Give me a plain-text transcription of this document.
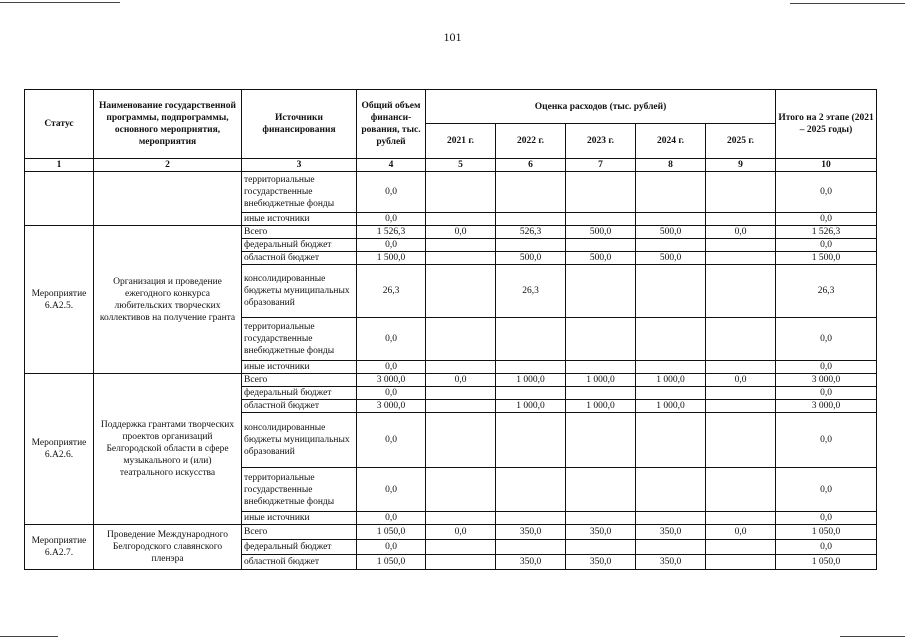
101
Статус	Наименование государственной программы, подпрограммы, основного мероприятия, мероприятия	Источники финансирования	Общий объем финанси-рования, тыс. рублей	Оценка расходов (тыс. рублей)					Итого на 2 этапе (2021 – 2025 годы)
				2021 г.	2022 г.	2023 г.	2024 г.	2025 г.	
1	2	3	4	5	6	7	8	9	10
		территориальные государственные внебюджетные фонды	0,0						0,0
		иные источники	0,0						0,0
Мероприятие 6.А2.5.	Организация и проведение ежегодного конкурса любительских творческих коллективов на получение гранта	Всего	1 526,3	0,0	526,3	500,0	500,0	0,0	1 526,3
		федеральный бюджет	0,0						0,0
		областной бюджет	1 500,0		500,0	500,0	500,0		1 500,0
		консолидированные бюджеты муниципальных образований	26,3		26,3				26,3
		территориальные государственные внебюджетные фонды	0,0						0,0
		иные источники	0,0						0,0
Мероприятие 6.А2.6.	Поддержка грантами творческих проектов организаций Белгородской области в сфере музыкального и (или) театрального искусства	Всего	3 000,0	0,0	1 000,0	1 000,0	1 000,0	0,0	3 000,0
		федеральный бюджет	0,0						0,0
		областной бюджет	3 000,0		1 000,0	1 000,0	1 000,0		3 000,0
		консолидированные бюджеты муниципальных образований	0,0						0,0
		территориальные государственные внебюджетные фонды	0,0						0,0
		иные источники	0,0						0,0
Мероприятие 6.А2.7.	Проведение Международного Белгородского славянского пленэра	Всего	1 050,0	0,0	350,0	350,0	350,0	0,0	1 050,0
		федеральный бюджет	0,0						0,0
		областной бюджет	1 050,0		350,0	350,0	350,0		1 050,0
